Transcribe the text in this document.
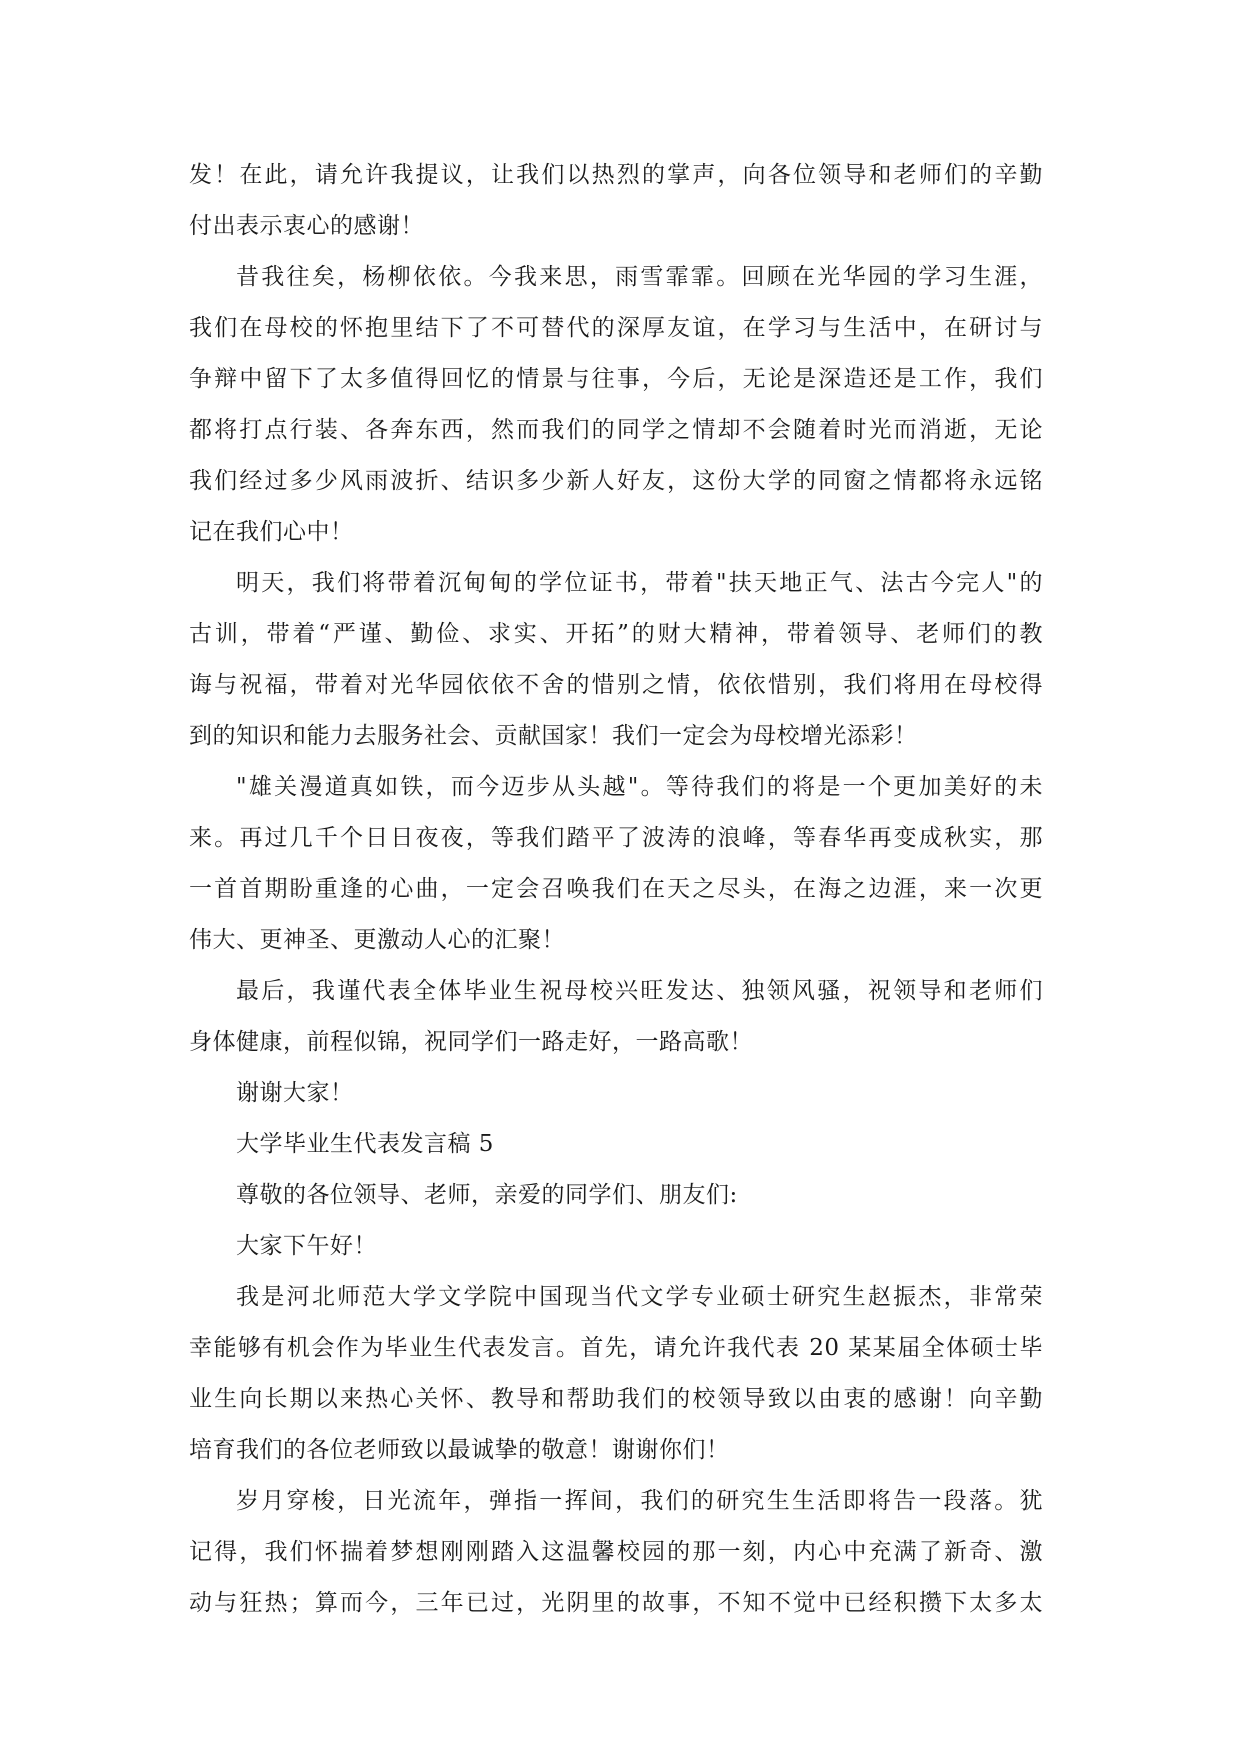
发！在此，请允许我提议，让我们以热烈的掌声，向各位领导和老师们的辛勤
付出表示衷心的感谢！
昔我往矣，杨柳依依。今我来思，雨雪霏霏。回顾在光华园的学习生涯，
我们在母校的怀抱里结下了不可替代的深厚友谊，在学习与生活中，在研讨与
争辩中留下了太多值得回忆的情景与往事，今后，无论是深造还是工作，我们
都将打点行装、各奔东西，然而我们的同学之情却不会随着时光而消逝，无论
我们经过多少风雨波折、结识多少新人好友，这份大学的同窗之情都将永远铭
记在我们心中！
明天，我们将带着沉甸甸的学位证书，带着"扶天地正气、法古今完人"的
古训，带着“严谨、勤俭、求实、开拓”的财大精神，带着领导、老师们的教
诲与祝福，带着对光华园依依不舍的惜别之情，依依惜别，我们将用在母校得
到的知识和能力去服务社会、贡献国家！我们一定会为母校增光添彩！
"雄关漫道真如铁，而今迈步从头越"。等待我们的将是一个更加美好的未
来。再过几千个日日夜夜，等我们踏平了波涛的浪峰，等春华再变成秋实，那
一首首期盼重逢的心曲，一定会召唤我们在天之尽头，在海之边涯，来一次更
伟大、更神圣、更激动人心的汇聚！
最后，我谨代表全体毕业生祝母校兴旺发达、独领风骚，祝领导和老师们
身体健康，前程似锦，祝同学们一路走好，一路高歌！
谢谢大家！
大学毕业生代表发言稿 5
尊敬的各位领导、老师，亲爱的同学们、朋友们:
大家下午好！
我是河北师范大学文学院中国现当代文学专业硕士研究生赵振杰，非常荣
幸能够有机会作为毕业生代表发言。首先，请允许我代表 20 某某届全体硕士毕
业生向长期以来热心关怀、教导和帮助我们的校领导致以由衷的感谢！向辛勤
培育我们的各位老师致以最诚挚的敬意！谢谢你们！
岁月穿梭，日光流年，弹指一挥间，我们的研究生生活即将告一段落。犹
记得，我们怀揣着梦想刚刚踏入这温馨校园的那一刻，内心中充满了新奇、激
动与狂热；算而今，三年已过，光阴里的故事，不知不觉中已经积攒下太多太
